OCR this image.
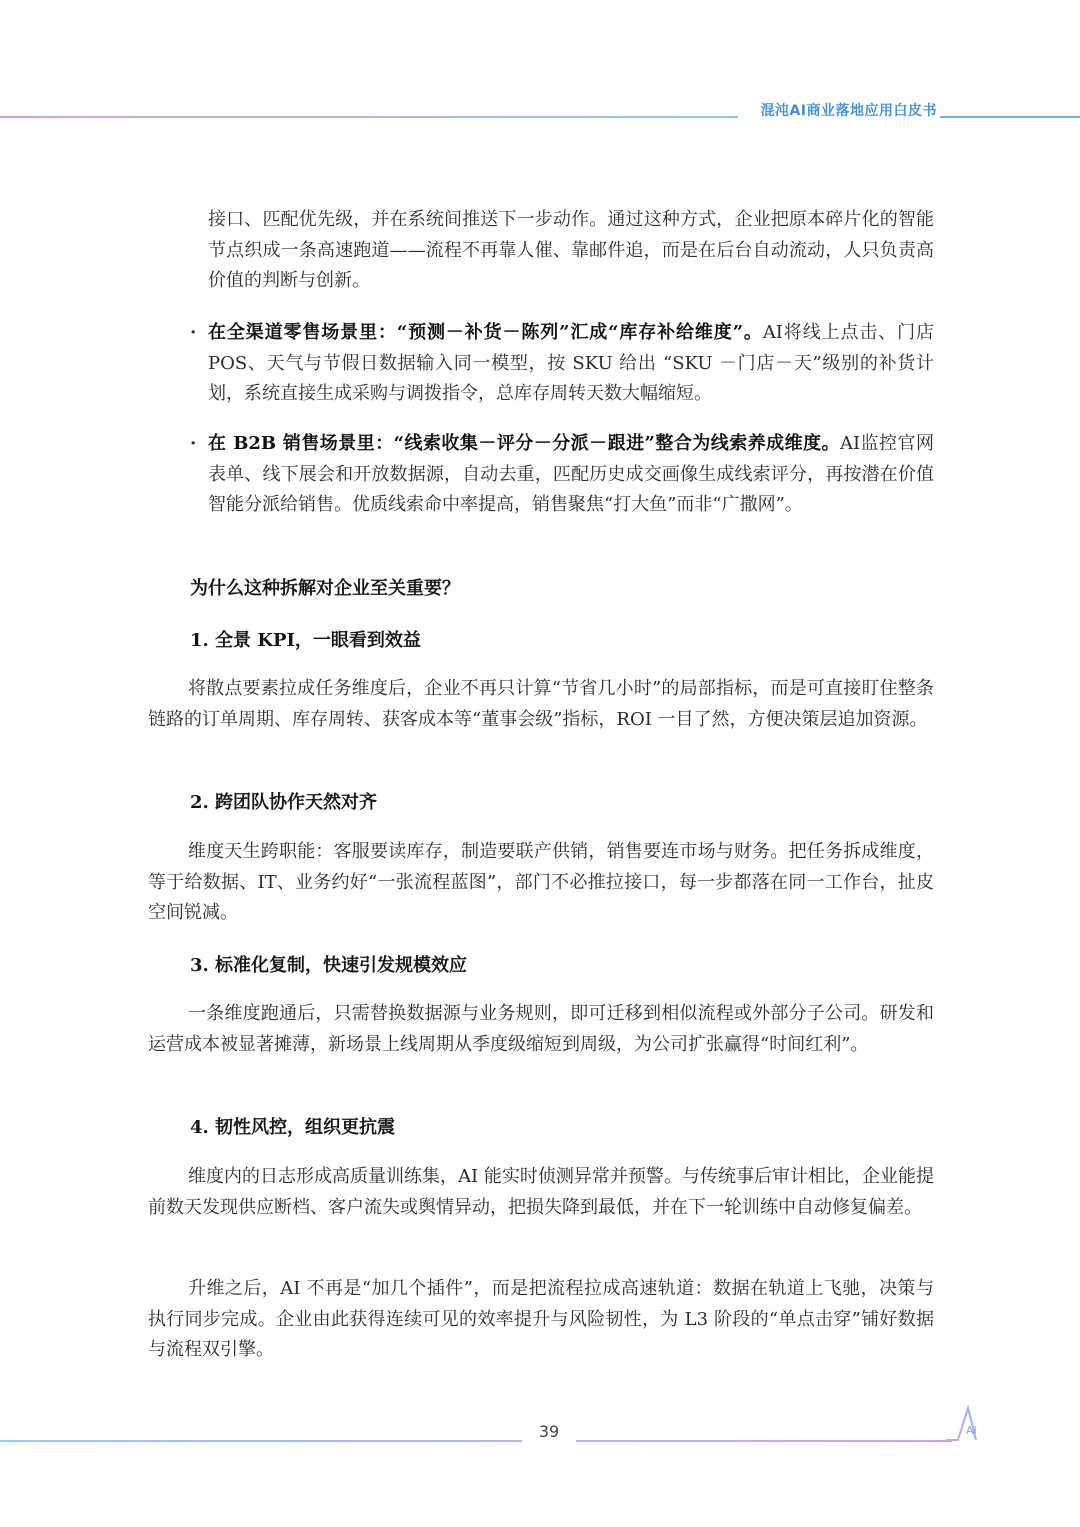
混沌AI商业落地应用白皮书

接口、匹配优先级，并在系统间推送下一步动作。通过这种方式，企业把原本碎片化的智能节点织成一条高速跑道——流程不再靠人催、靠邮件追，而是在后台自动流动，人只负责高价值的判断与创新。

· 在全渠道零售场景里：“预测－补货－陈列”汇成“库存补给维度”。AI将线上点击、门店 POS、天气与节假日数据输入同一模型，按 SKU 给出 “SKU －门店－天”级别的补货计划，系统直接生成采购与调拨指令，总库存周转天数大幅缩短。
· 在 B2B 销售场景里：“线索收集－评分－分派－跟进”整合为线索养成维度。AI监控官网表单、线下展会和开放数据源，自动去重，匹配历史成交画像生成线索评分，再按潜在价值智能分派给销售。优质线索命中率提高，销售聚焦“打大鱼”而非“广撒网”。
为什么这种拆解对企业至关重要？
1. 全景 KPI，一眼看到效益

将散点要素拉成任务维度后，企业不再只计算“节省几小时”的局部指标，而是可直接盯住整条链路的订单周期、库存周转、获客成本等“董事会级”指标，ROI 一目了然，方便决策层追加资源。

2. 跨团队协作天然对齐

维度天生跨职能：客服要读库存，制造要联产供销，销售要连市场与财务。把任务拆成维度，等于给数据、IT、业务约好“一张流程蓝图”，部门不必推拉接口，每一步都落在同一工作台，扯皮空间锐减。

3. 标准化复制，快速引发规模效应

一条维度跑通后，只需替换数据源与业务规则，即可迁移到相似流程或外部分子公司。研发和运营成本被显著摊薄，新场景上线周期从季度级缩短到周级，为公司扩张赢得“时间红利”。

4. 韧性风控，组织更抗震

维度内的日志形成高质量训练集，AI 能实时侦测异常并预警。与传统事后审计相比，企业能提前数天发现供应断档、客户流失或舆情异动，把损失降到最低，并在下一轮训练中自动修复偏差。

升维之后，AI 不再是“加几个插件”，而是把流程拉成高速轨道：数据在轨道上飞驰，决策与执行同步完成。企业由此获得连续可见的效率提升与风险韧性，为 L3 阶段的“单点击穿”铺好数据与流程双引擎。

39	AI
